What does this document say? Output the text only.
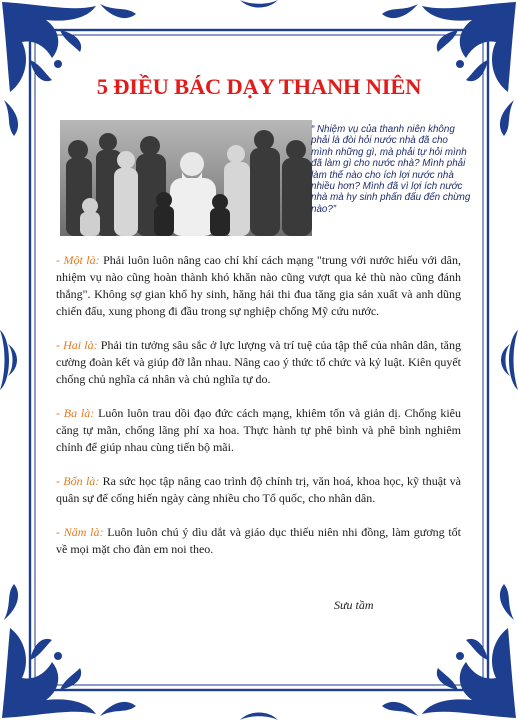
5 ĐIỀU BÁC DẠY THANH NIÊN
“ Nhiệm vụ của thanh niên không phải là đòi hỏi nước nhà đã cho mình những gì, mà phải tự hỏi mình đã làm gì cho nước nhà? Mình phải làm thế nào cho ích lợi nước nhà nhiều hơn? Mình đã vì lợi ích nước nhà mà hy sinh phấn đấu đến chừng nào?”

- Một là: Phải luôn luôn nâng cao chí khí cách mạng "trung với nước hiếu với dân, nhiệm vụ nào cũng hoàn thành khó khăn nào cũng vượt qua kẻ thù nào cũng đánh thắng". Không sợ gian khổ hy sinh, hăng hái thi đua tăng gia sản xuất và anh dũng chiến đấu, xung phong đi đầu trong sự nghiệp chống Mỹ cứu nước.

- Hai là: Phải tin tưởng sâu sắc ở lực lượng và trí tuệ của tập thể của nhân dân, tăng cường đoàn kết và giúp đỡ lẫn nhau. Nâng cao ý thức tổ chức và kỷ luật. Kiên quyết chống chủ nghĩa cá nhân và chủ nghĩa tự do.

- Ba là: Luôn luôn trau dồi đạo đức cách mạng, khiêm tốn và giản dị. Chống kiêu căng tự mãn, chống lãng phí xa hoa. Thực hành tự phê bình và phê bình nghiêm chỉnh để giúp nhau cùng tiến bộ mãi.

- Bốn là: Ra sức học tập nâng cao trình độ chính trị, văn hoá, khoa học, kỹ thuật và quân sự để cống hiến ngày càng nhiều cho Tổ quốc, cho nhân dân.

- Năm là: Luôn luôn chú ý dìu dắt và giáo dục thiếu niên nhi đồng, làm gương tốt về mọi mặt cho đàn em noi theo.

Sưu tầm
